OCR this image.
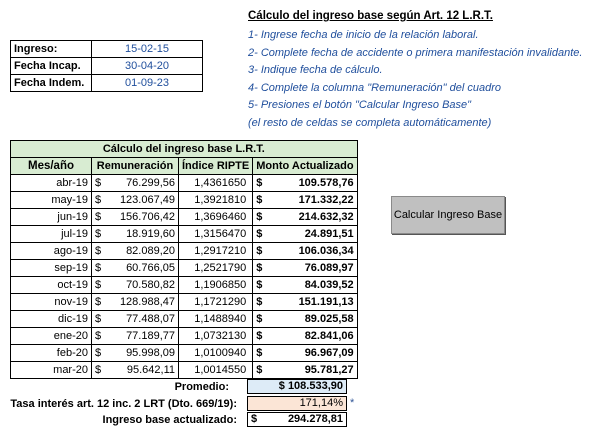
Cálculo del ingreso base según Art. 12 L.R.T.
1- Ingrese fecha de inicio de la relación laboral.
2- Complete fecha de accidente o primera manifestación invalidante.
3- Indique fecha de cálculo.
4- Complete la columna "Remuneración" del cuadro
5- Presiones el botón "Calcular Ingreso Base"
(el resto de celdas se completa automáticamente)
Ingreso:	15-02-15
Fecha Incap.	30-04-20
Fecha Indem.	01-09-23
Cálculo del ingreso base L.R.T.			
Mes/año	Remuneración	Índice RIPTE	Monto Actualizado
abr-19	$ 76.299,56	1,4361650	$ 109.578,76
may-19	$ 123.067,49	1,3921810	$ 171.332,22
jun-19	$ 156.706,42	1,3696460	$ 214.632,32
jul-19	$ 18.919,60	1,3156470	$ 24.891,51
ago-19	$ 82.089,20	1,2917210	$ 106.036,34
sep-19	$ 60.766,05	1,2521790	$ 76.089,97
oct-19	$ 70.580,82	1,1906850	$ 84.039,52
nov-19	$ 128.988,47	1,1721290	$ 151.191,13
dic-19	$ 77.488,07	1,1488940	$ 89.025,58
ene-20	$ 77.189,77	1,0732130	$ 82.841,06
feb-20	$ 95.998,09	1,0100940	$ 96.967,09
mar-20	$ 95.642,11	1,0014550	$ 95.781,27
Calcular Ingreso Base
Promedio:	$ 108.533,90
Tasa interés art. 12 inc. 2 LRT (Dto. 669/19):	171,14% *
Ingreso base actualizado: $	294.278,81
